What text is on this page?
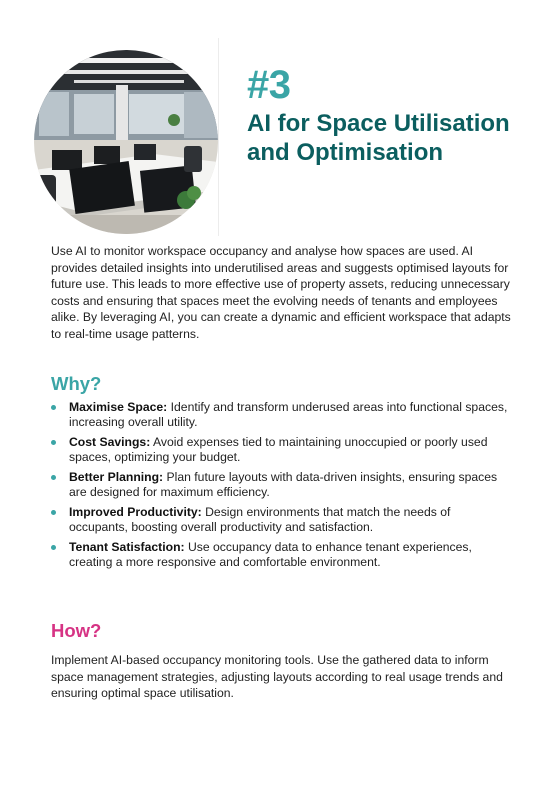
#3
AI for Space Utilisation
and Optimisation

Use AI to monitor workspace occupancy and analyse how spaces are used. AI provides detailed insights into underutilised areas and suggests optimised layouts for future use. This leads to more effective use of property assets, reducing unnecessary costs and ensuring that spaces meet the evolving needs of tenants and employees alike. By leveraging AI, you can create a dynamic and efficient workspace that adapts to real-time usage patterns.

Why?
Maximise Space: Identify and transform underused areas into functional spaces, increasing overall utility.
Cost Savings: Avoid expenses tied to maintaining unoccupied or poorly used spaces, optimizing your budget.
Better Planning: Plan future layouts with data-driven insights, ensuring spaces are designed for maximum efficiency.
Improved Productivity: Design environments that match the needs of occupants, boosting overall productivity and satisfaction.
Tenant Satisfaction: Use occupancy data to enhance tenant experiences, creating a more responsive and comfortable environment.
How?

Implement AI-based occupancy monitoring tools. Use the gathered data to inform space management strategies, adjusting layouts according to real usage trends and ensuring optimal space utilisation.
